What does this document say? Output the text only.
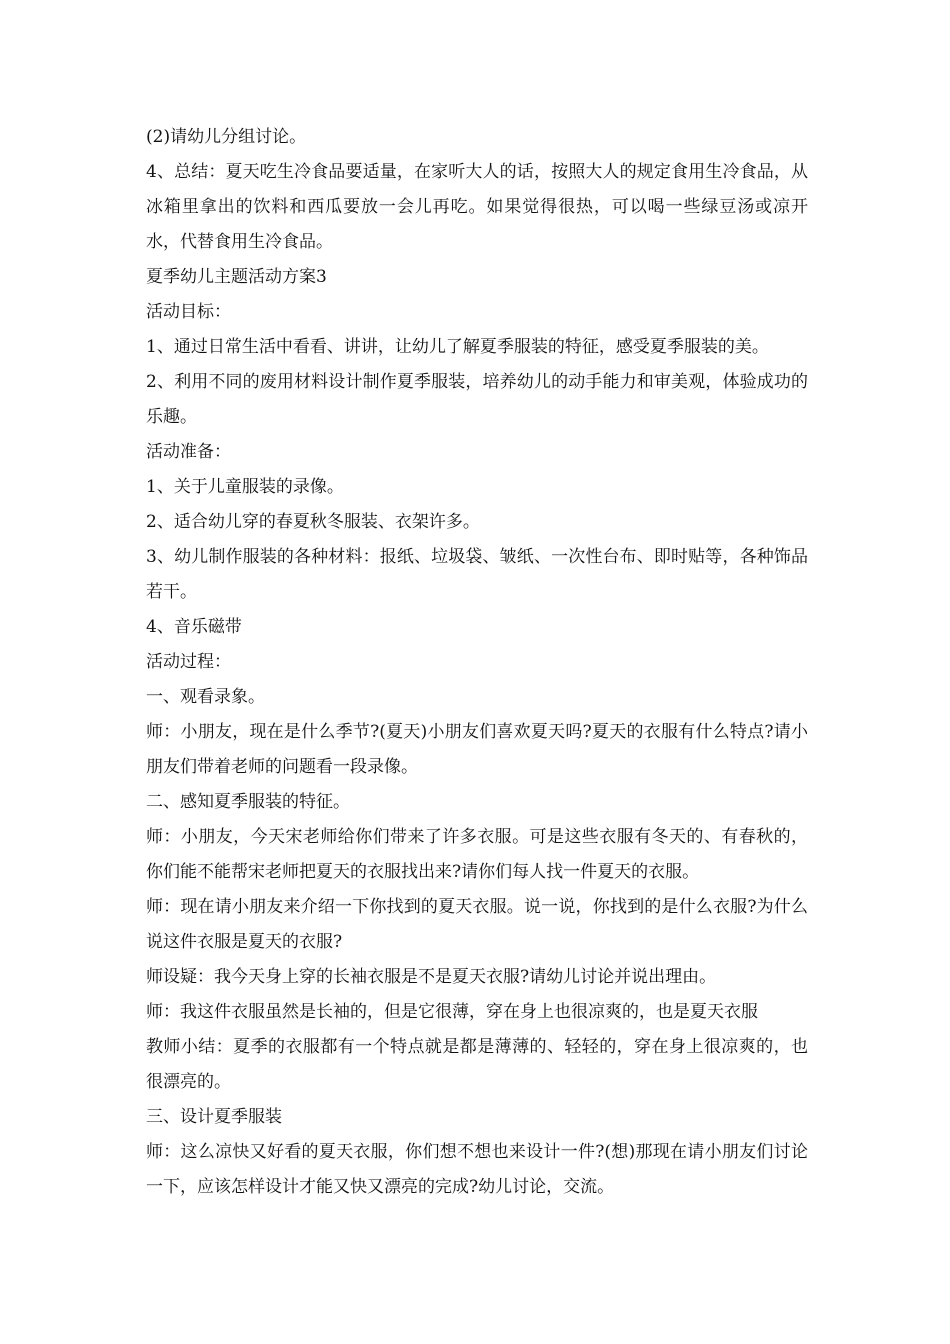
(2)请幼儿分组讨论。

4、总结：夏天吃生冷食品要适量，在家听大人的话，按照大人的规定食用生冷食品，从冰箱里拿出的饮料和西瓜要放一会儿再吃。如果觉得很热，可以喝一些绿豆汤或凉开水，代替食用生冷食品。

夏季幼儿主题活动方案3

活动目标：

1、通过日常生活中看看、讲讲，让幼儿了解夏季服装的特征，感受夏季服装的美。

2、利用不同的废用材料设计制作夏季服装，培养幼儿的动手能力和审美观，体验成功的乐趣。

活动准备：

1、关于儿童服装的录像。

2、适合幼儿穿的春夏秋冬服装、衣架许多。

3、幼儿制作服装的各种材料：报纸、垃圾袋、皱纸、一次性台布、即时贴等，各种饰品若干。

4、音乐磁带

活动过程：

一、观看录象。

师：小朋友，现在是什么季节?(夏天)小朋友们喜欢夏天吗?夏天的衣服有什么特点?请小朋友们带着老师的问题看一段录像。

二、感知夏季服装的特征。

师：小朋友，今天宋老师给你们带来了许多衣服。可是这些衣服有冬天的、有春秋的，你们能不能帮宋老师把夏天的衣服找出来?请你们每人找一件夏天的衣服。

师：现在请小朋友来介绍一下你找到的夏天衣服。说一说，你找到的是什么衣服?为什么说这件衣服是夏天的衣服?

师设疑：我今天身上穿的长袖衣服是不是夏天衣服?请幼儿讨论并说出理由。

师：我这件衣服虽然是长袖的，但是它很薄，穿在身上也很凉爽的，也是夏天衣服

教师小结：夏季的衣服都有一个特点就是都是薄薄的、轻轻的，穿在身上很凉爽的，也很漂亮的。

三、设计夏季服装

师：这么凉快又好看的夏天衣服，你们想不想也来设计一件?(想)那现在请小朋友们讨论一下，应该怎样设计才能又快又漂亮的完成?幼儿讨论，交流。
